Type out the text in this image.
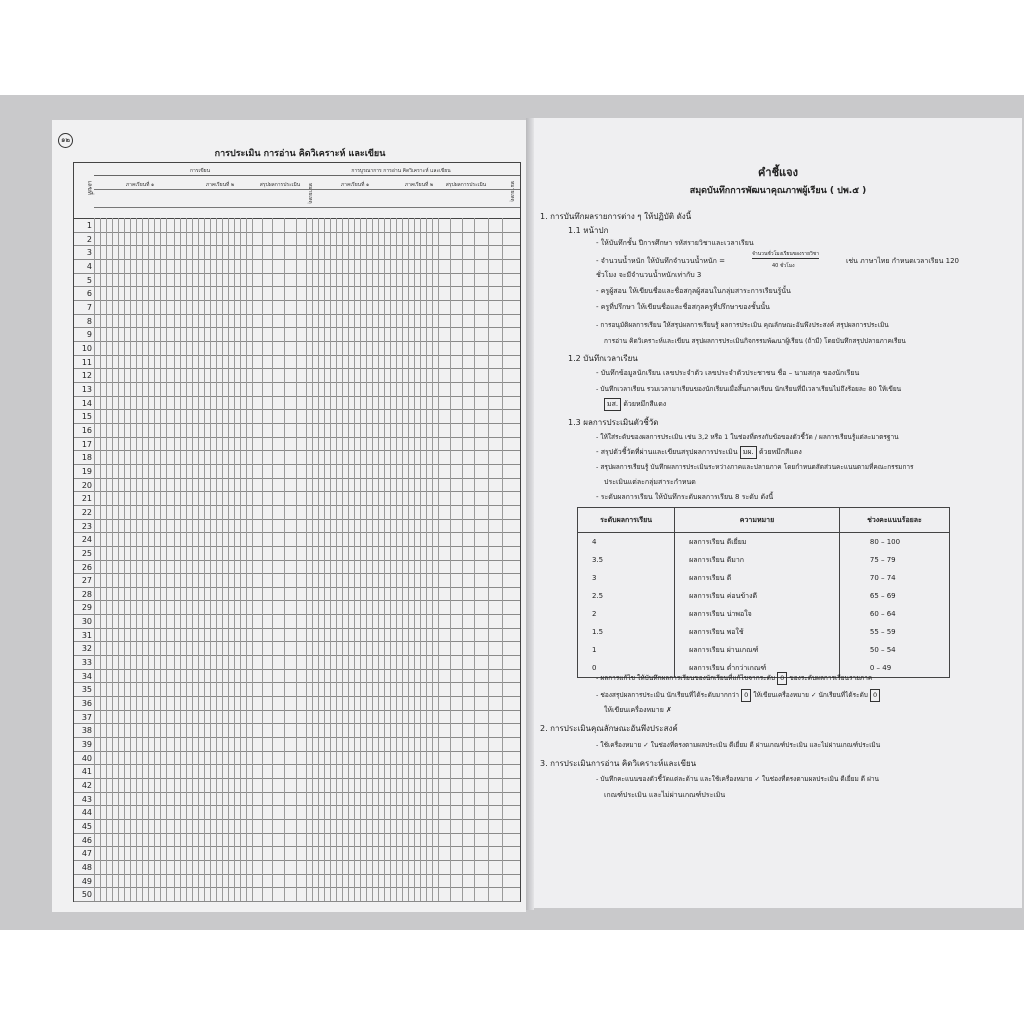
๑๒
การประเมิน การอ่าน คิดวิเคราะห์ และเขียน
เลขที่
การเขียน
ภาคเรียนที่ ๑	ภาคเรียนที่ ๒	สรุปผลการประเมิน
การบูรณาการ การอ่าน คิดวิเคราะห์ และเขียน
ภาคเรียนที่ ๑	ภาคเรียนที่ ๒	สรุปผลการประเมิน
หมายเหตุ	หมายเหตุ
1
2
3
4
5
6
7
8
9
10
11
12
13
14
15
16
17
18
19
20
21
22
23
24
25
26
27
28
29
30
31
32
33
34
35
36
37
38
39
40
41
42
43
44
45
46
47
48
49
50
คำชี้แจง
สมุดบันทึกการพัฒนาคุณภาพผู้เรียน ( ปพ.๕ )
1. การบันทึกผลรายการต่าง ๆ ให้ปฏิบัติ ดังนี้
1.1 หน้าปก
- ให้บันทึกชั้น ปีการศึกษา รหัสรายวิชาและเวลาเรียน
- จำนวนน้ำหนัก ให้บันทึกจำนวนน้ำหนัก =
จำนวนชั่วโมงเรียนของรายวิชา
40 ชั่วโมง
เช่น ภาษาไทย กำหนดเวลาเรียน 120
ชั่วโมง จะมีจำนวนน้ำหนักเท่ากับ 3
- ครูผู้สอน ให้เขียนชื่อและชื่อสกุลผู้สอนในกลุ่มสาระการเรียนรู้นั้น
- ครูที่ปรึกษา ให้เขียนชื่อและชื่อสกุลครูที่ปรึกษาของชั้นนั้น
- การอนุมัติผลการเรียน ให้สรุปผลการเรียนรู้ ผลการประเมิน คุณลักษณะอันพึงประสงค์ สรุปผลการประเมิน
การอ่าน คิดวิเคราะห์และเขียน สรุปผลการประเมินกิจกรรมพัฒนาผู้เรียน (ถ้ามี) โดยบันทึกสรุปปลายภาคเรียน
1.2 บันทึกเวลาเรียน
- บันทึกข้อมูลนักเรียน เลขประจำตัว เลขประจำตัวประชาชน ชื่อ – นามสกุล ของนักเรียน
- บันทึกเวลาเรียน รวมเวลามาเรียนของนักเรียนเมื่อสิ้นภาคเรียน นักเรียนที่มีเวลาเรียนไม่ถึงร้อยละ 80 ให้เขียน
มส. ด้วยหมึกสีแดง
1.3 ผลการประเมินตัวชี้วัด
- ให้ใส่ระดับของผลการประเมิน เช่น 3,2 หรือ 1 ในช่องที่ตรงกับข้อของตัวชี้วัด / ผลการเรียนรู้แต่ละมาตรฐาน
- สรุปตัวชี้วัดที่ผ่านและเขียนสรุปผลการประเมิน มผ. ด้วยหมึกสีแดง
- สรุปผลการเรียนรู้ บันทึกผลการประเมินระหว่างภาคและปลายภาค โดยกำหนดสัดส่วนคะแนนตามที่คณะกรรมการ
ประเมินแต่ละกลุ่มสาระกำหนด
- ระดับผลการเรียน ให้บันทึกระดับผลการเรียน 8 ระดับ ดังนี้
ระดับผลการเรียน	ความหมาย	ช่วงคะแนนร้อยละ
4	ผลการเรียน ดีเยี่ยม	80 – 100
3.5	ผลการเรียน ดีมาก	75 – 79
3	ผลการเรียน ดี	70 – 74
2.5	ผลการเรียน ค่อนข้างดี	65 – 69
2	ผลการเรียน น่าพอใจ	60 – 64
1.5	ผลการเรียน พอใช้	55 – 59
1	ผลการเรียน ผ่านเกณฑ์	50 – 54
0	ผลการเรียน ต่ำกว่าเกณฑ์	0 – 49
- ผลการแก้ไข ให้บันทึกผลการเรียนของนักเรียนที่แก้ไขจากระดับ 0 ของระดับผลการเรียนรายภาค
- ช่องสรุปผลการประเมิน นักเรียนที่ได้ระดับมากกว่า 0 ให้เขียนเครื่องหมาย ✓ นักเรียนที่ได้ระดับ 0
ให้เขียนเครื่องหมาย ✗
2. การประเมินคุณลักษณะอันพึงประสงค์
- ใช้เครื่องหมาย ✓ ในช่องที่ตรงตามผลประเมิน ดีเยี่ยม ดี ผ่านเกณฑ์ประเมิน และไม่ผ่านเกณฑ์ประเมิน
3. การประเมินการอ่าน คิดวิเคราะห์และเขียน
- บันทึกคะแนนของตัวชี้วัดแต่ละด้าน และใช้เครื่องหมาย ✓ ในช่องที่ตรงตามผลประเมิน ดีเยี่ยม ดี ผ่าน
เกณฑ์ประเมิน และไม่ผ่านเกณฑ์ประเมิน
